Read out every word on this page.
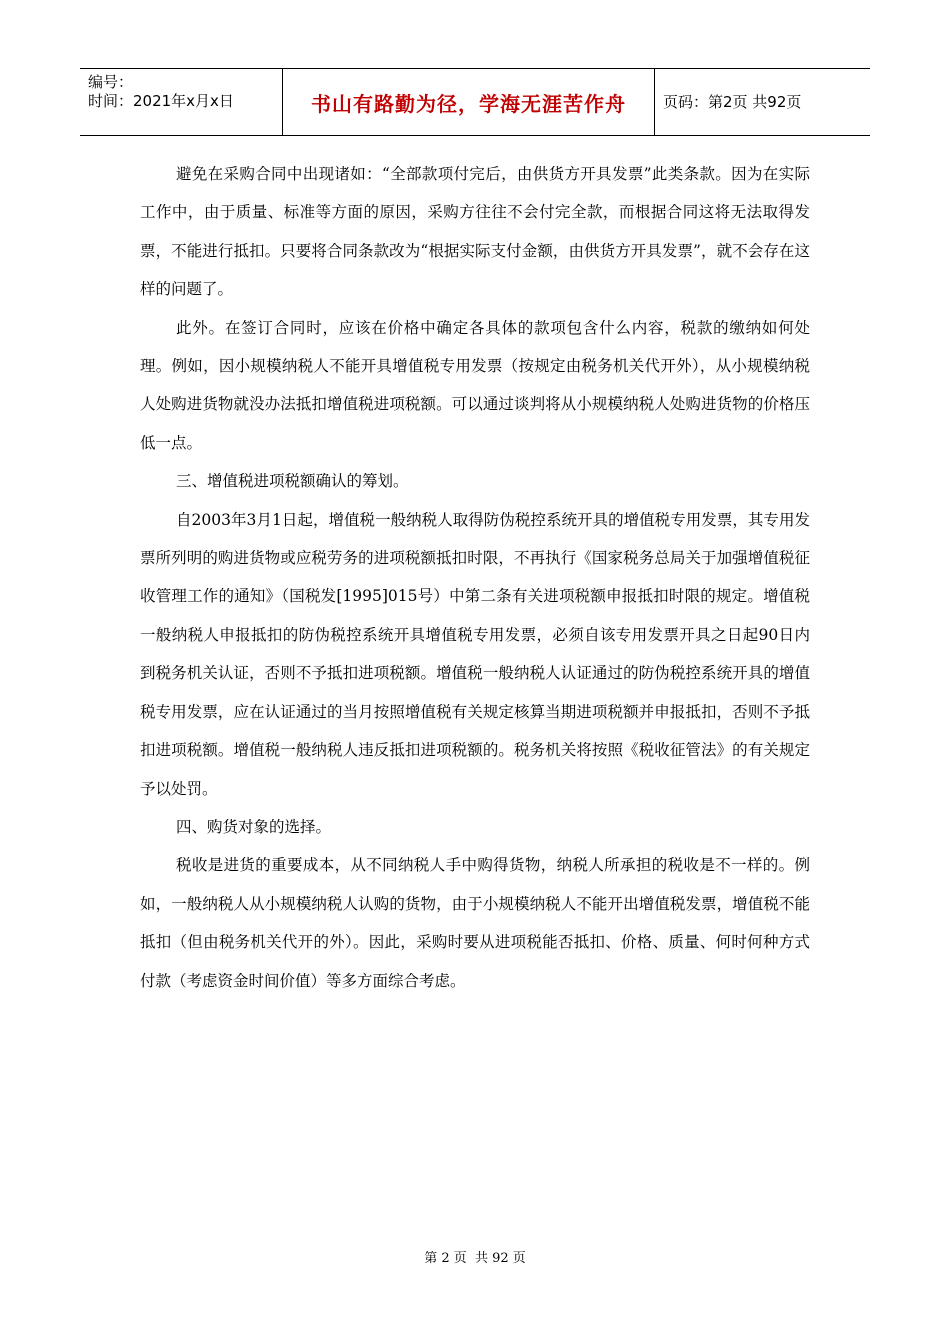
编号：
时间：2021年x月x日	书山有路勤为径，学海无涯苦作舟 页码：第2页 共92页

避免在采购合同中出现诸如：“全部款项付完后，由供货方开具发票”此类条款。因为在实际工作中，由于质量、标准等方面的原因，采购方往往不会付完全款，而根据合同这将无法取得发票，不能进行抵扣。只要将合同条款改为“根据实际支付金额，由供货方开具发票”，就不会存在这样的问题了。

此外。在签订合同时，应该在价格中确定各具体的款项包含什么内容，税款的缴纳如何处理。例如，因小规模纳税人不能开具增值税专用发票（按规定由税务机关代开外），从小规模纳税人处购进货物就没办法抵扣增值税进项税额。可以通过谈判将从小规模纳税人处购进货物的价格压低一点。

三、增值税进项税额确认的筹划。

自2003年3月1日起，增值税一般纳税人取得防伪税控系统开具的增值税专用发票，其专用发票所列明的购进货物或应税劳务的进项税额抵扣时限，不再执行《国家税务总局关于加强增值税征收管理工作的通知》（国税发[1995]015号）中第二条有关进项税额申报抵扣时限的规定。增值税一般纳税人申报抵扣的防伪税控系统开具增值税专用发票，必须自该专用发票开具之日起90日内到税务机关认证，否则不予抵扣进项税额。增值税一般纳税人认证通过的防伪税控系统开具的增值税专用发票，应在认证通过的当月按照增值税有关规定核算当期进项税额并申报抵扣，否则不予抵扣进项税额。增值税一般纳税人违反抵扣进项税额的。税务机关将按照《税收征管法》的有关规定予以处罚。

四、购货对象的选择。

税收是进货的重要成本，从不同纳税人手中购得货物，纳税人所承担的税收是不一样的。例如，一般纳税人从小规模纳税人认购的货物，由于小规模纳税人不能开出增值税发票，增值税不能抵扣（但由税务机关代开的外）。因此，采购时要从进项税能否抵扣、价格、质量、何时何种方式付款（考虑资金时间价值）等多方面综合考虑。

第 2 页  共 92 页
